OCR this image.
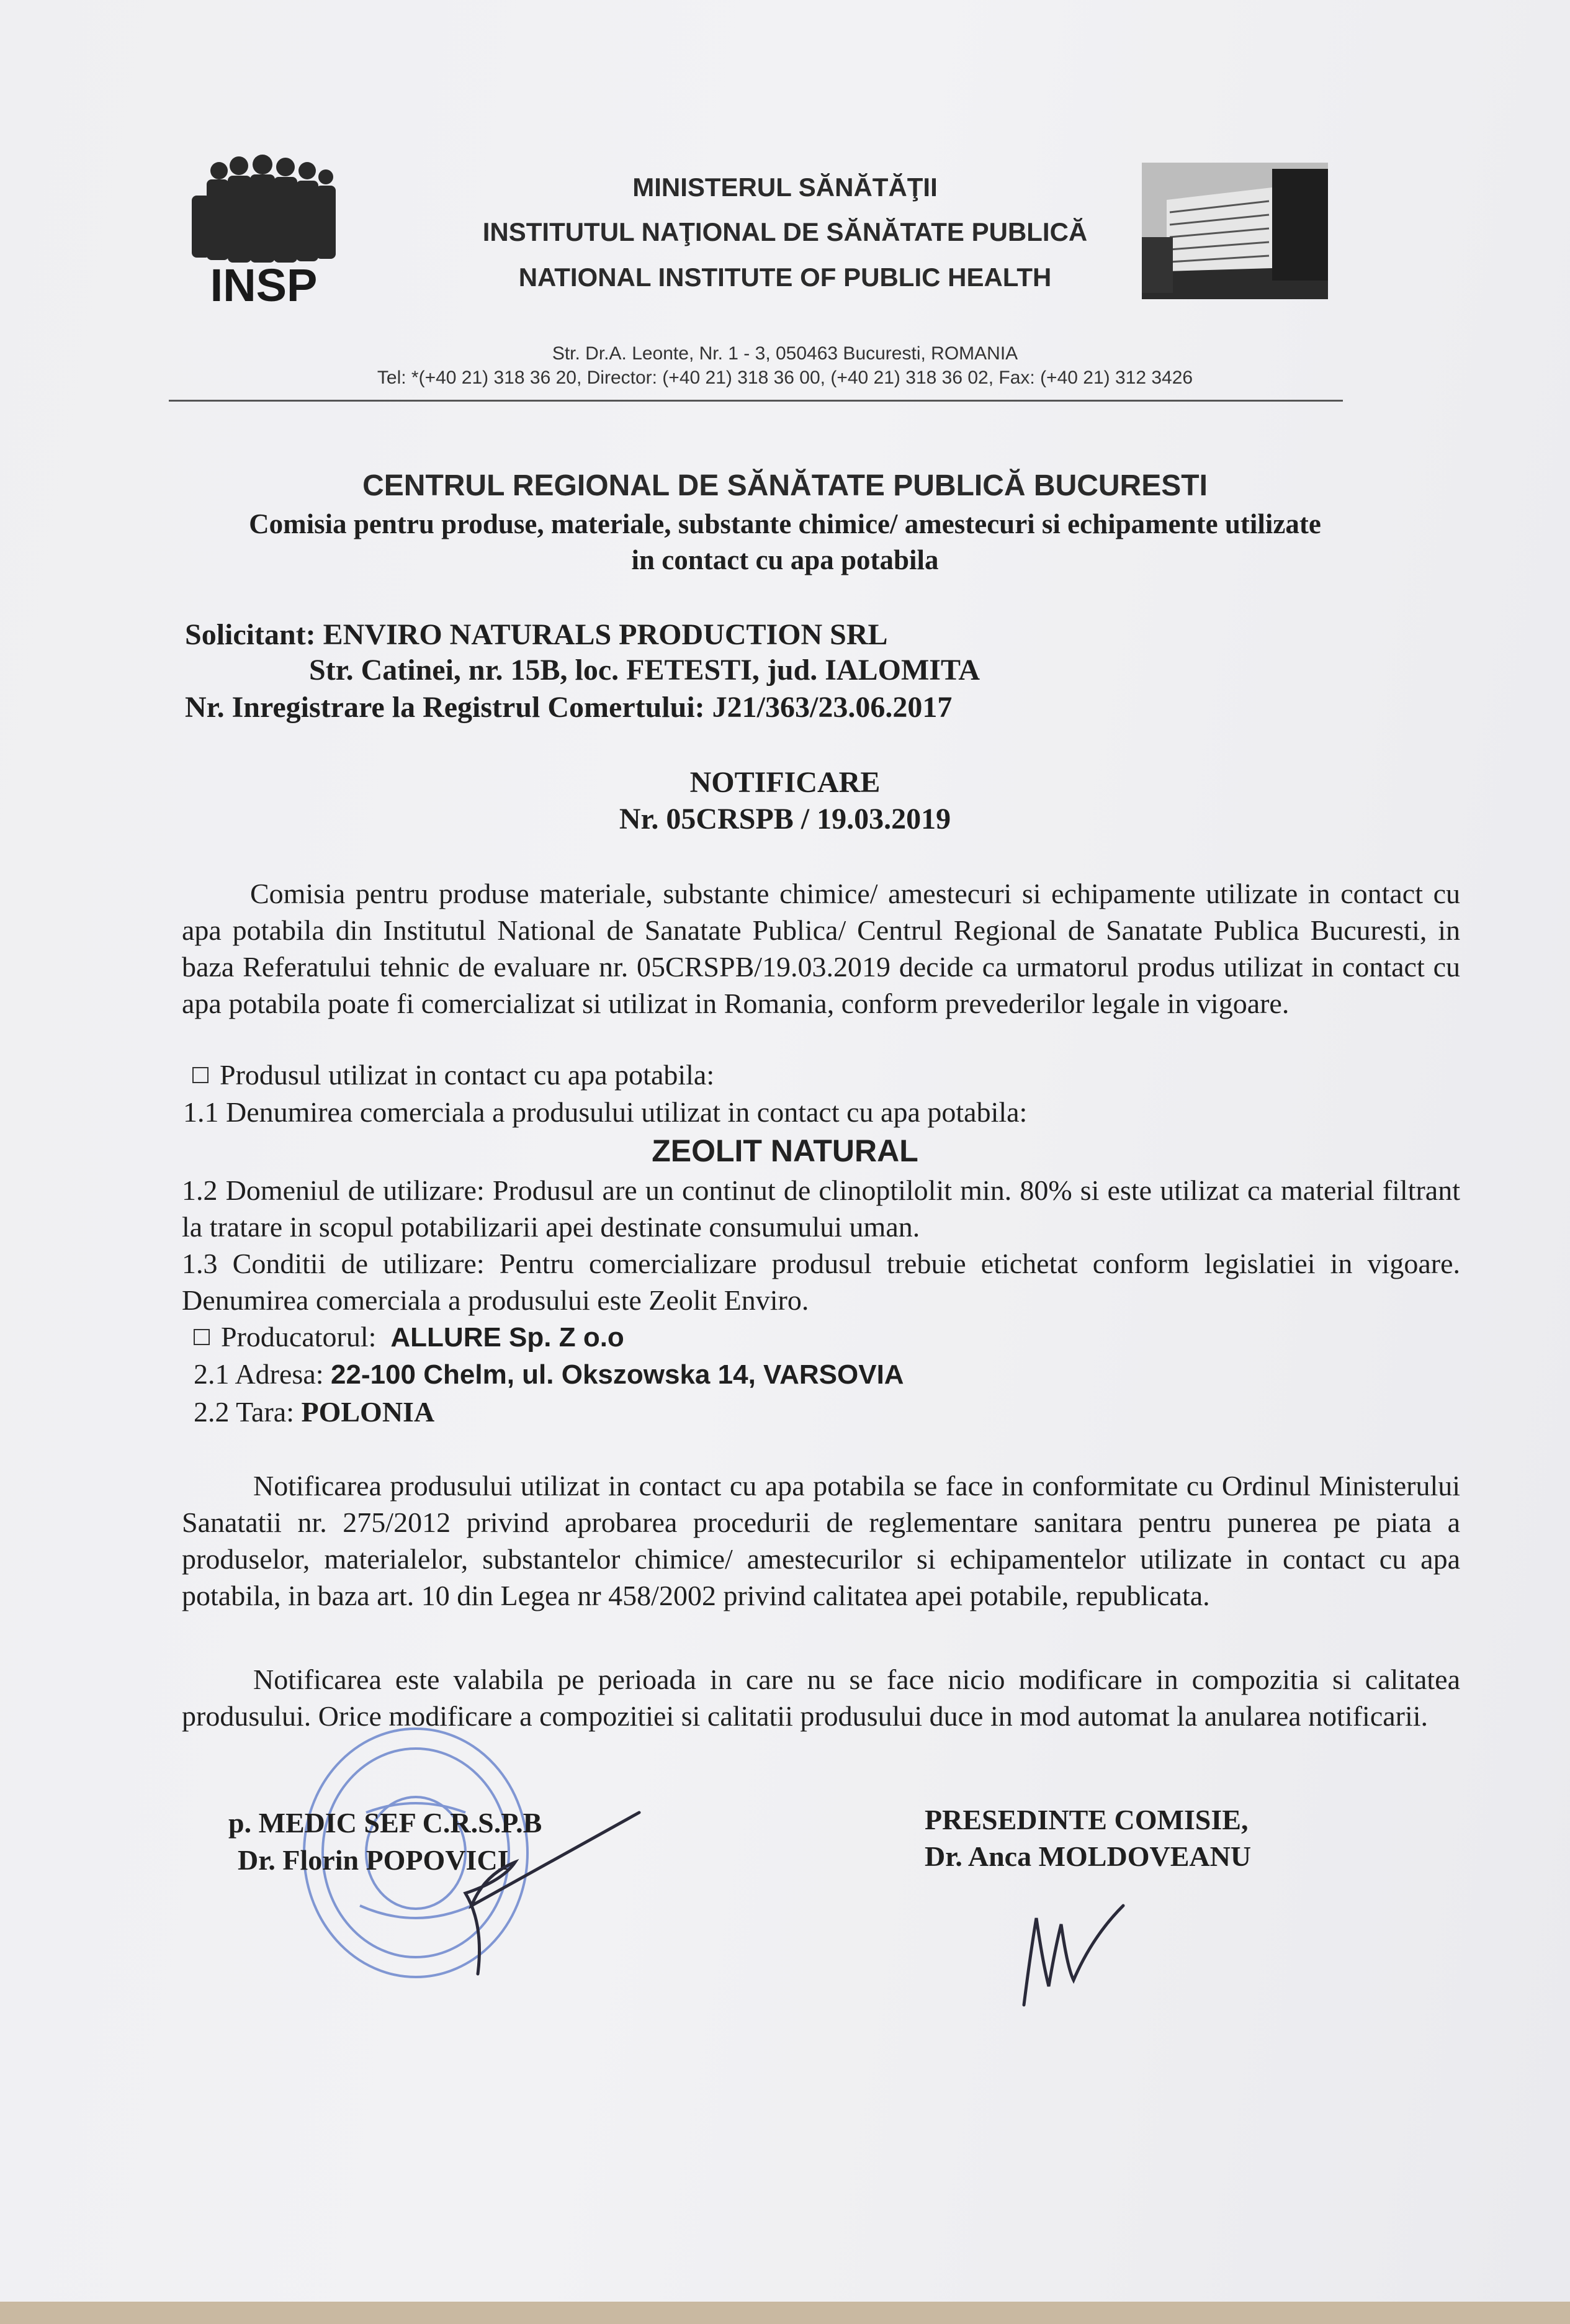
INSP
MINISTERUL SĂNĂTĂŢII
INSTITUTUL NAŢIONAL DE SĂNĂTATE PUBLICĂ
NATIONAL INSTITUTE OF PUBLIC HEALTH
Str. Dr.A. Leonte, Nr. 1 - 3, 050463 Bucuresti, ROMANIA
Tel: *(+40 21) 318 36 20, Director: (+40 21) 318 36 00, (+40 21) 318 36 02, Fax: (+40 21) 312 3426
CENTRUL REGIONAL DE SĂNĂTATE PUBLICĂ BUCURESTI
Comisia pentru produse, materiale, substante chimice/ amestecuri si echipamente utilizate
in contact cu apa potabila
Solicitant: ENVIRO NATURALS PRODUCTION SRL
Str. Catinei, nr. 15B, loc. FETESTI, jud. IALOMITA
Nr. Inregistrare la Registrul Comertului: J21/363/23.06.2017
NOTIFICARE
Nr. 05CRSPB / 19.03.2019
Comisia pentru produse materiale, substante chimice/ amestecuri si echipamente utilizate in contact cu apa potabila din Institutul National de Sanatate Publica/ Centrul Regional de Sanatate Publica Bucuresti, in baza Referatului tehnic de evaluare nr. 05CRSPB/19.03.2019 decide ca urmatorul produs utilizat in contact cu apa potabila poate fi comercializat si utilizat in Romania, conform prevederilor legale in vigoare.
Produsul utilizat in contact cu apa potabila:
1.1 Denumirea comerciala a produsului utilizat in contact cu apa potabila:
ZEOLIT NATURAL
1.2 Domeniul de utilizare: Produsul are un continut de clinoptilolit min. 80% si este utilizat ca material filtrant la tratare in scopul potabilizarii apei destinate consumului uman.
1.3 Conditii de utilizare: Pentru comercializare produsul trebuie etichetat conform legislatiei in vigoare. Denumirea comerciala a produsului este Zeolit Enviro.
Producatorul: ALLURE Sp. Z o.o
2.1 Adresa: 22-100 Chelm, ul. Okszowska 14, VARSOVIA
2.2 Tara: POLONIA
Notificarea produsului utilizat in contact cu apa potabila se face in conformitate cu Ordinul Ministerului Sanatatii nr. 275/2012 privind aprobarea procedurii de reglementare sanitara pentru punerea pe piata a produselor, materialelor, substantelor chimice/ amestecurilor si echipamentelor utilizate in contact cu apa potabila, in baza art. 10 din Legea nr 458/2002 privind calitatea apei potabile, republicata.
Notificarea este valabila pe perioada in care nu se face nicio modificare in compozitia si calitatea produsului. Orice modificare a compozitiei si calitatii produsului duce in mod automat la anularea notificarii.
p. MEDIC SEF C.R.S.P.B
Dr. Florin POPOVICI
PRESEDINTE COMISIE,
Dr. Anca MOLDOVEANU
